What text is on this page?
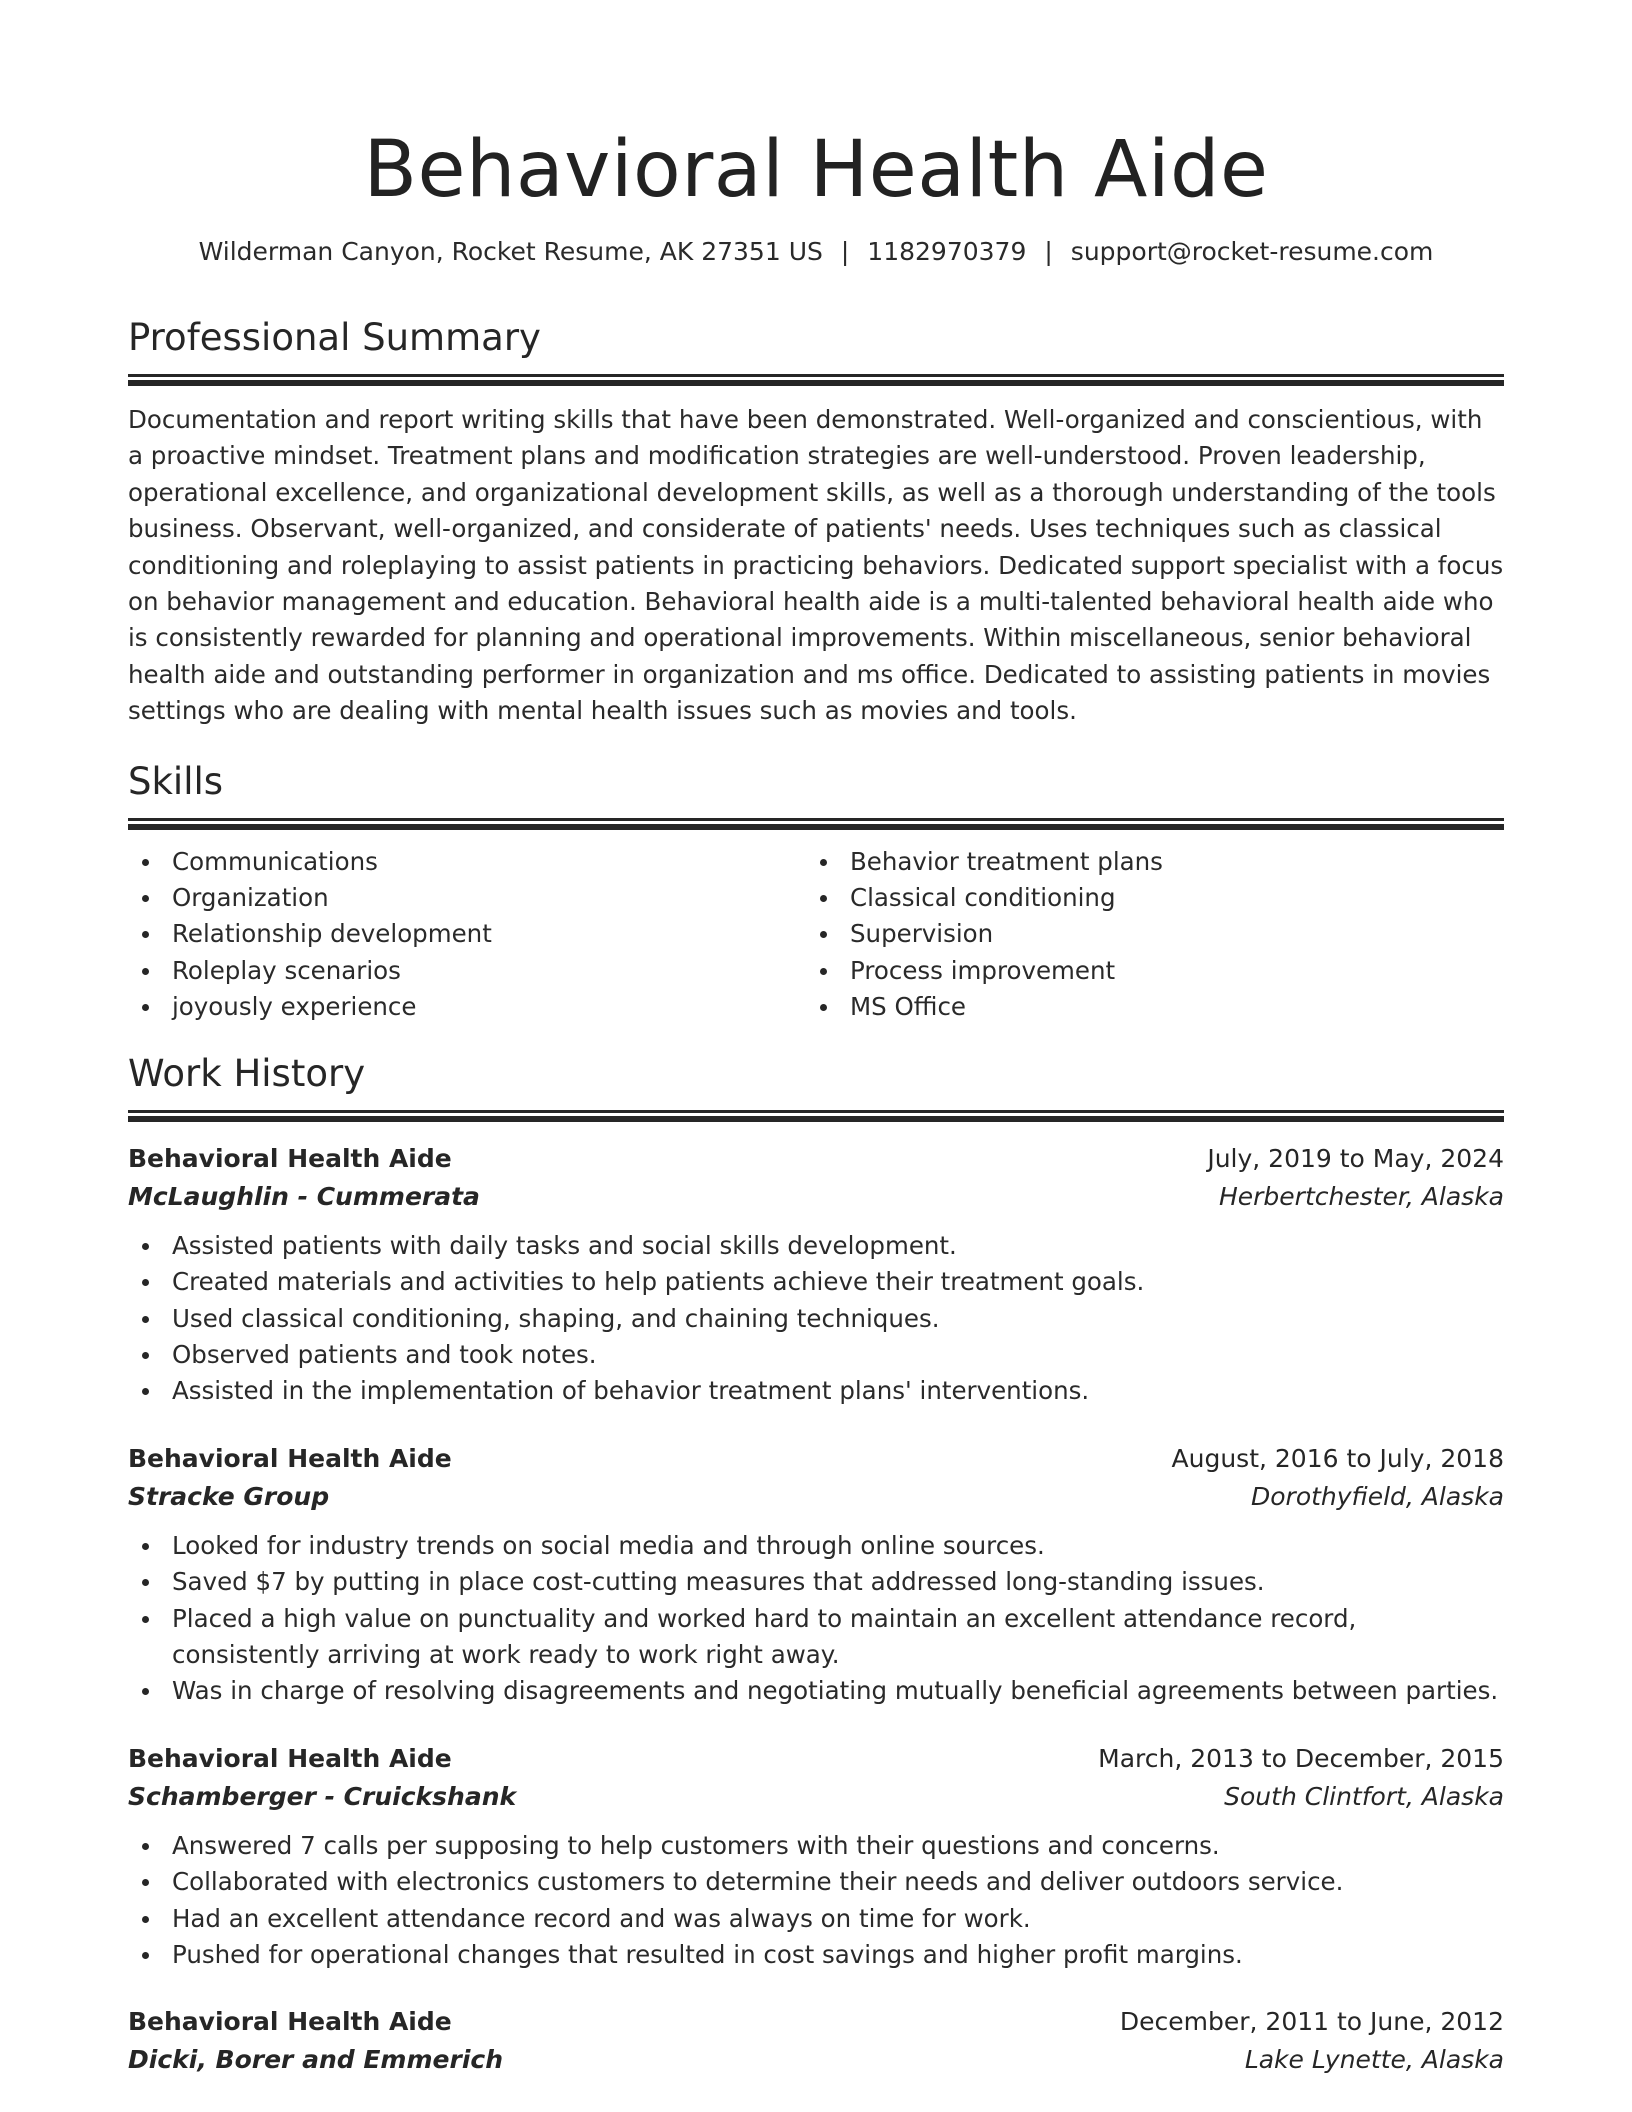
Behavioral Health Aide
Wilderman Canyon, Rocket Resume, AK 27351 US | 1182970379 | support@rocket-resume.com
Professional Summary
Documentation and report writing skills that have been demonstrated. Well-organized and conscientious, with a proactive mindset. Treatment plans and modification strategies are well-understood. Proven leadership, operational excellence, and organizational development skills, as well as a thorough understanding of the tools business. Observant, well-organized, and considerate of patients' needs. Uses techniques such as classical conditioning and roleplaying to assist patients in practicing behaviors. Dedicated support specialist with a focus on behavior management and education. Behavioral health aide is a multi-talented behavioral health aide who is consistently rewarded for planning and operational improvements. Within miscellaneous, senior behavioral health aide and outstanding performer in organization and ms office. Dedicated to assisting patients in movies settings who are dealing with mental health issues such as movies and tools.
Skills
Communications
Organization
Relationship development
Roleplay scenarios
joyously experience
Behavior treatment plans
Classical conditioning
Supervision
Process improvement
MS Office
Work History
Behavioral Health Aide	July, 2019 to May, 2024
McLaughlin - Cummerata	Herbertchester, Alaska
Assisted patients with daily tasks and social skills development.
Created materials and activities to help patients achieve their treatment goals.
Used classical conditioning, shaping, and chaining techniques.
Observed patients and took notes.
Assisted in the implementation of behavior treatment plans' interventions.
Behavioral Health Aide	August, 2016 to July, 2018
Stracke Group	Dorothyfield, Alaska
Looked for industry trends on social media and through online sources.
Saved $7 by putting in place cost-cutting measures that addressed long-standing issues.
Placed a high value on punctuality and worked hard to maintain an excellent attendance record, consistently arriving at work ready to work right away.
Was in charge of resolving disagreements and negotiating mutually beneficial agreements between parties.
Behavioral Health Aide	March, 2013 to December, 2015
Schamberger - Cruickshank	South Clintfort, Alaska
Answered 7 calls per supposing to help customers with their questions and concerns.
Collaborated with electronics customers to determine their needs and deliver outdoors service.
Had an excellent attendance record and was always on time for work.
Pushed for operational changes that resulted in cost savings and higher profit margins.
Behavioral Health Aide	December, 2011 to June, 2012
Dicki, Borer and Emmerich	Lake Lynette, Alaska
